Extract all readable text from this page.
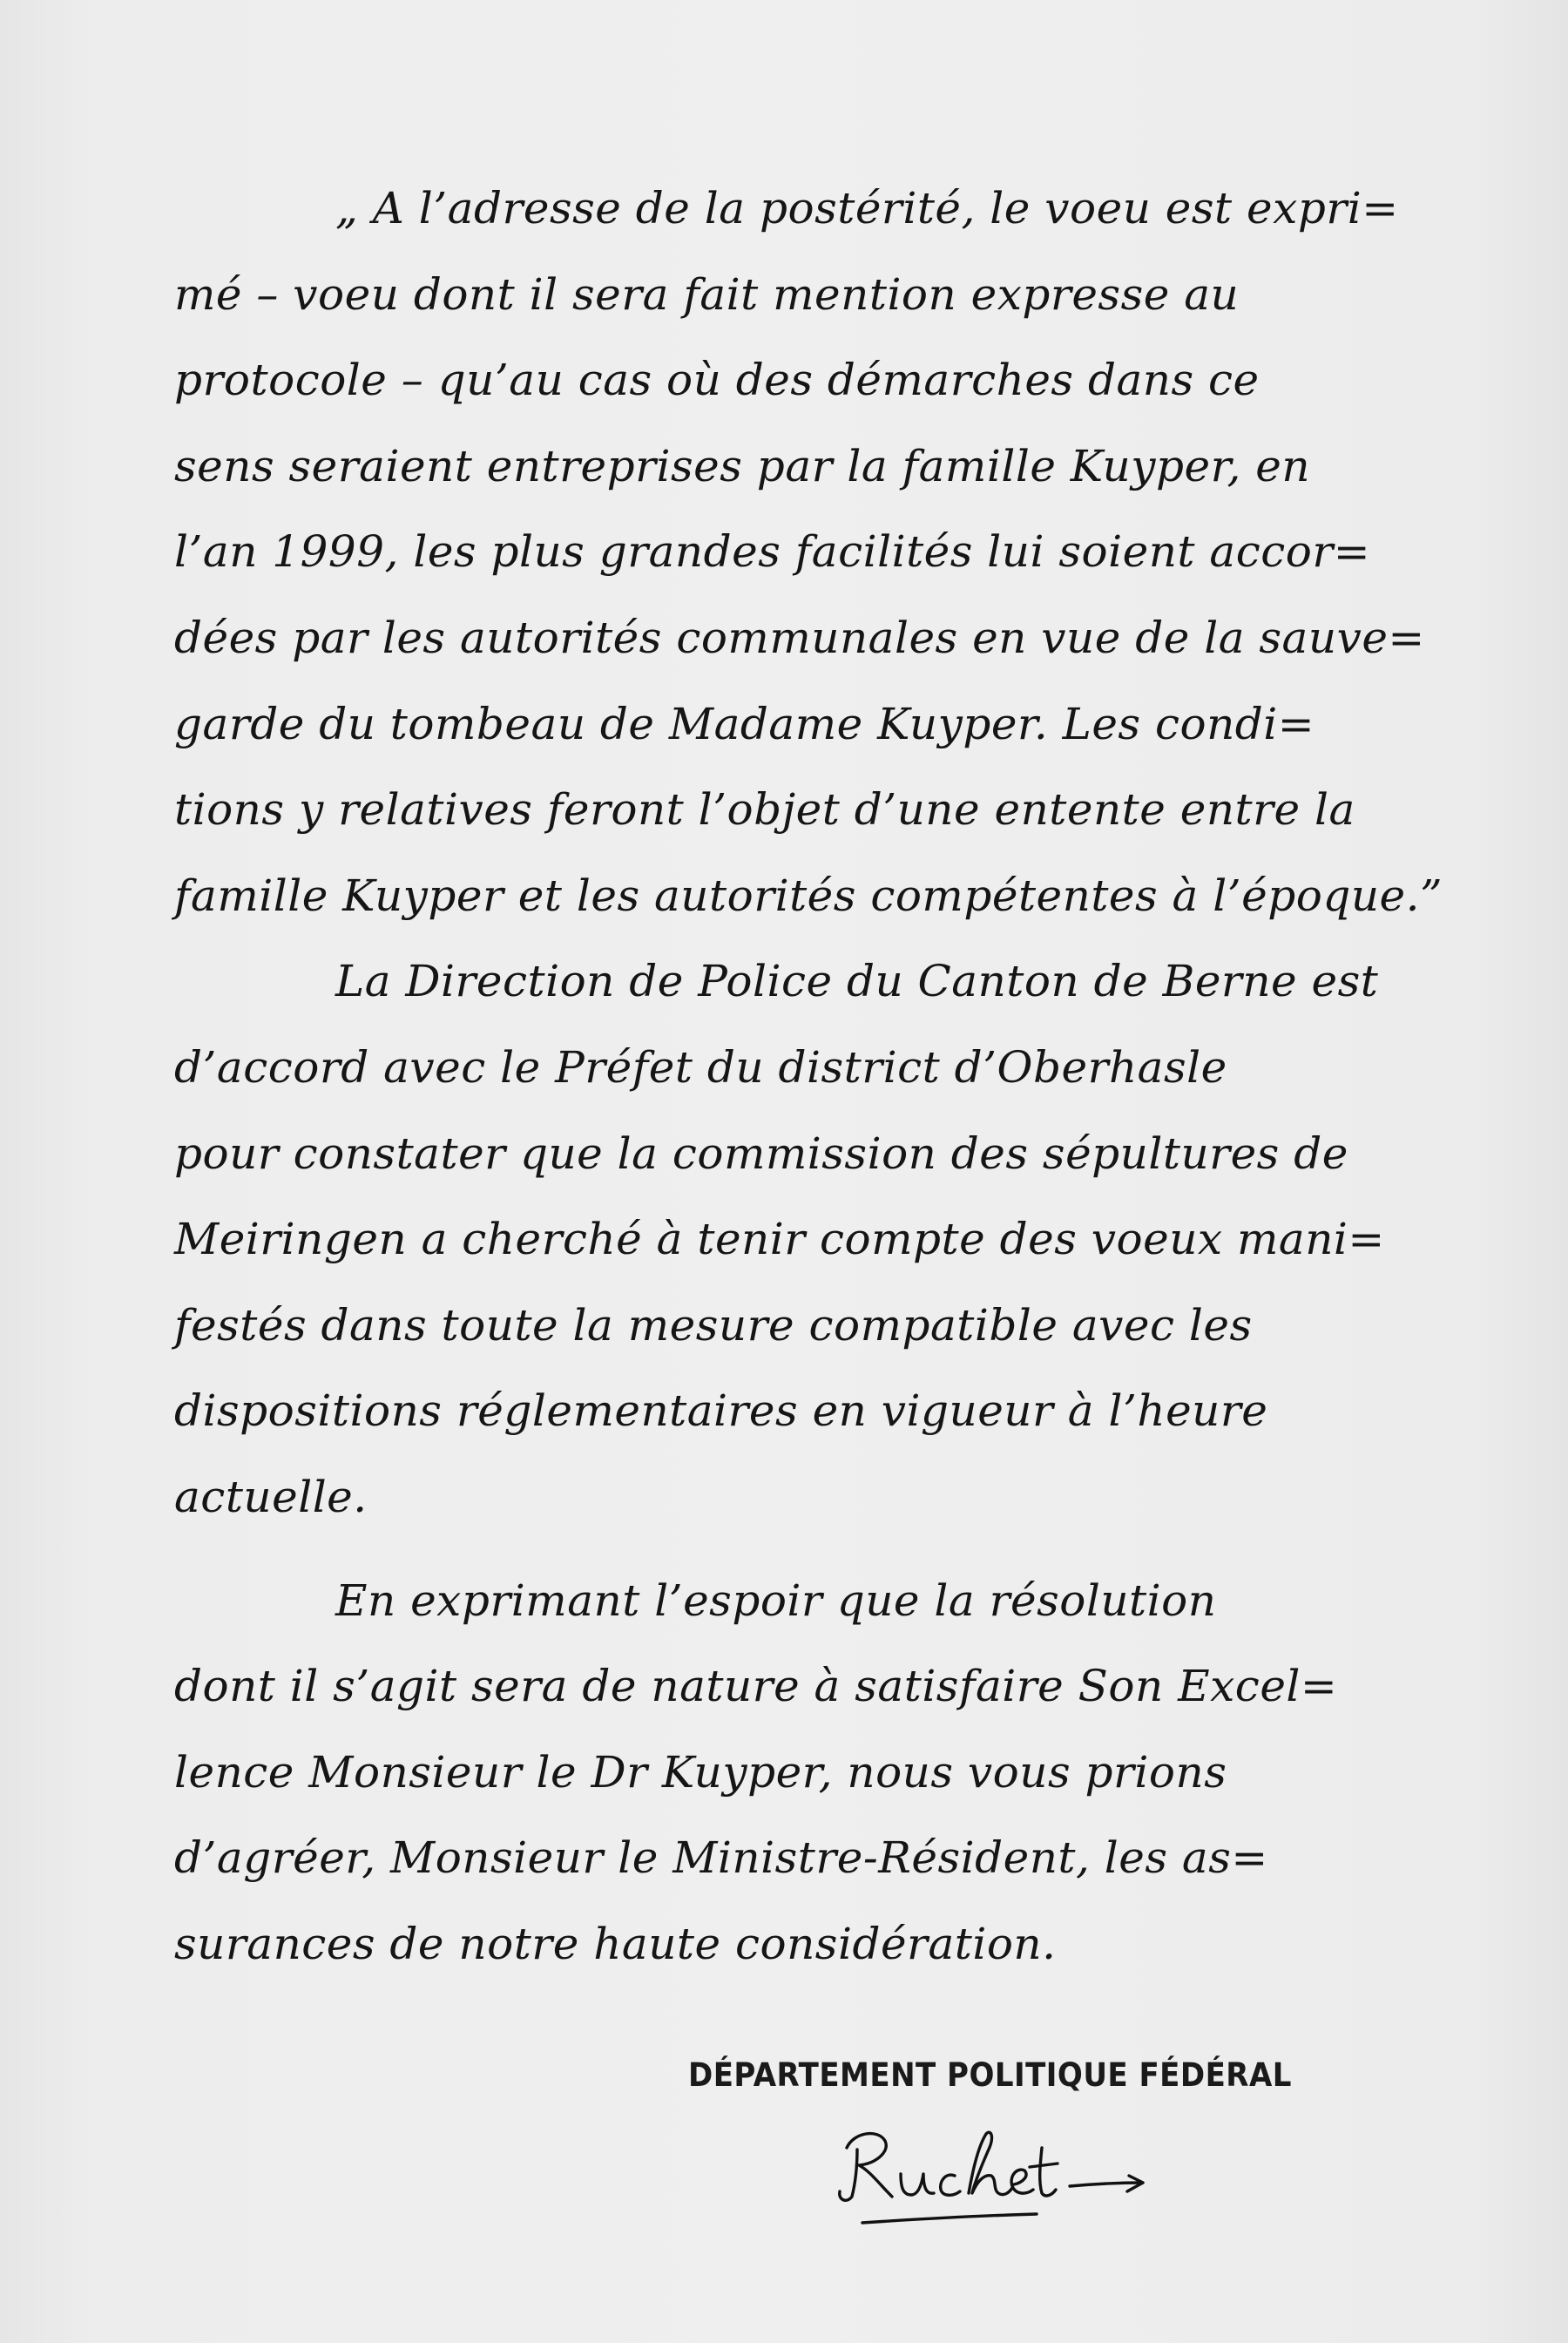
„ A l’adresse de la postérité, le voeu est expri=
mé – voeu dont il sera fait mention expresse au
protocole – qu’au cas où des démarches dans ce
sens seraient entreprises par la famille Kuyper, en
l’an 1999, les plus grandes facilités lui soient accor=
dées par les autorités communales en vue de la sauve=
garde du tombeau de Madame Kuyper. Les condi=
tions y relatives feront l’objet d’une entente entre la
famille Kuyper et les autorités compétentes à l’époque.”
La Direction de Police du Canton de Berne est
d’accord avec le Préfet du district d’Oberhasle
pour constater que la commission des sépultures de
Meiringen a cherché à tenir compte des voeux mani=
festés dans toute la mesure compatible avec les
dispositions réglementaires en vigueur à l’heure
actuelle.
En exprimant l’espoir que la résolution
dont il s’agit sera de nature à satisfaire Son Excel=
lence Monsieur le Dr Kuyper, nous vous prions
d’agréer, Monsieur le Ministre-Résident, les as=
surances de notre haute considération.
DÉPARTEMENT POLITIQUE FÉDÉRAL
